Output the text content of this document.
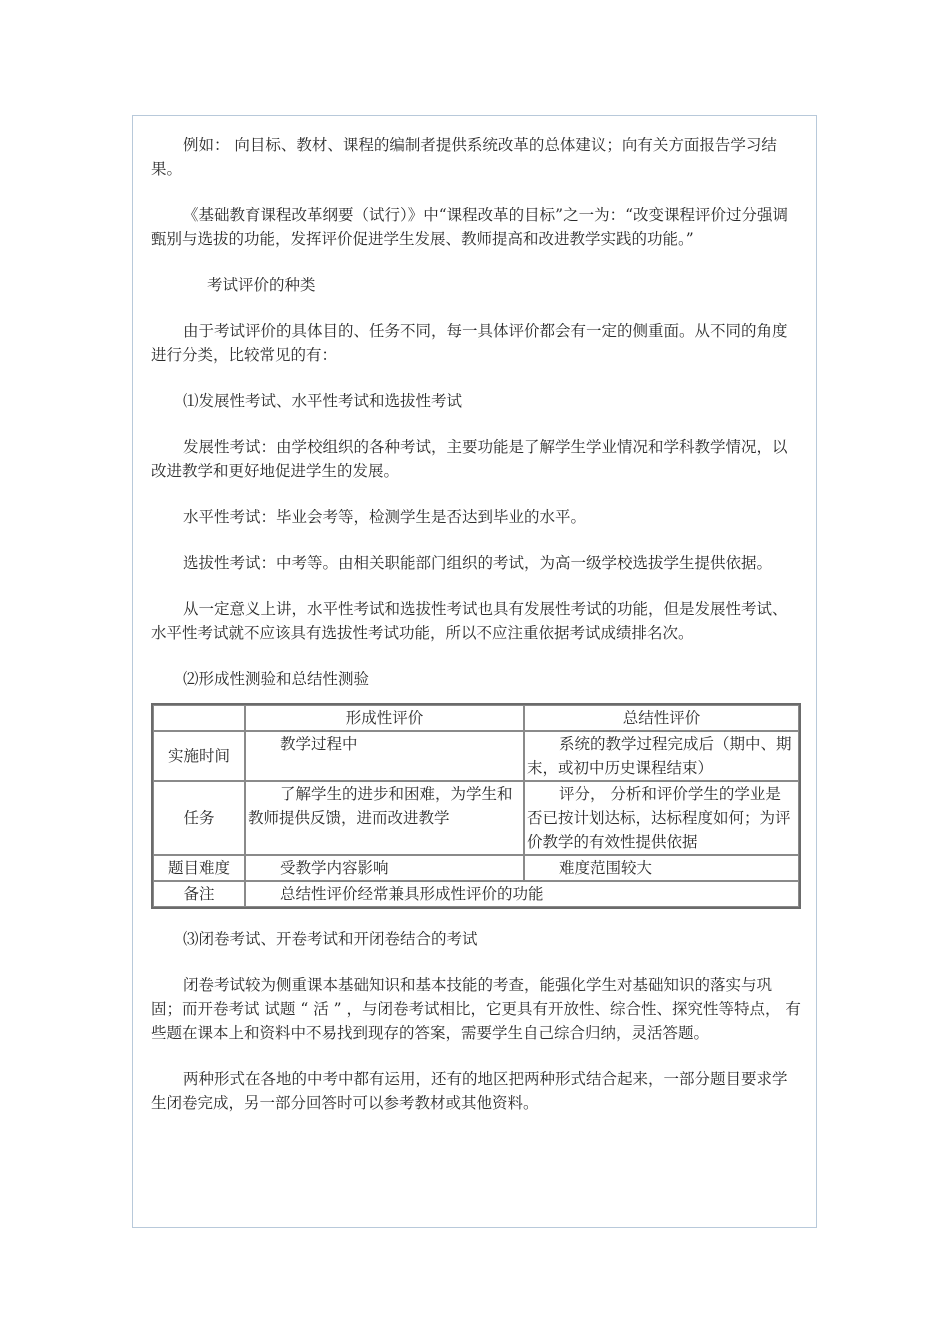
例如： 向目标、教材、课程的编制者提供系统改革的总体建议；向有关方面报告学习结果。

《基础教育课程改革纲要（试行）》中“课程改革的目标”之一为：“改变课程评价过分强调甄别与选拔的功能，发挥评价促进学生发展、教师提高和改进教学实践的功能。”

考试评价的种类

由于考试评价的具体目的、任务不同，每一具体评价都会有一定的侧重面。从不同的角度进行分类，比较常见的有：

⑴发展性考试、水平性考试和选拔性考试

发展性考试：由学校组织的各种考试，主要功能是了解学生学业情况和学科教学情况，以改进教学和更好地促进学生的发展。

水平性考试：毕业会考等，检测学生是否达到毕业的水平。

选拔性考试：中考等。由相关职能部门组织的考试，为高一级学校选拔学生提供依据。

从一定意义上讲，水平性考试和选拔性考试也具有发展性考试的功能，但是发展性考试、水平性考试就不应该具有选拔性考试功能，所以不应注重依据考试成绩排名次。

⑵形成性测验和总结性测验

	形成性评价	总结性评价
实施时间	教学过程中	系统的教学过程完成后（期中、期末，或初中历史课程结束）
任务	了解学生的进步和困难，为学生和教师提供反馈，进而改进教学	评分， 分析和评价学生的学业是否已按计划达标，达标程度如何；为评价教学的有效性提供依据
题目难度	受教学内容影响	难度范围较大
备注	总结性评价经常兼具形成性评价的功能	

⑶闭卷考试、开卷考试和开闭卷结合的考试

闭卷考试较为侧重课本基础知识和基本技能的考查，能强化学生对基础知识的落实与巩固；而开卷考试 试题 “ 活 ” ，与闭卷考试相比，它更具有开放性、综合性、探究性等特点， 有些题在课本上和资料中不易找到现存的答案，需要学生自己综合归纳，灵活答题。

两种形式在各地的中考中都有运用，还有的地区把两种形式结合起来，一部分题目要求学生闭卷完成，另一部分回答时可以参考教材或其他资料。
